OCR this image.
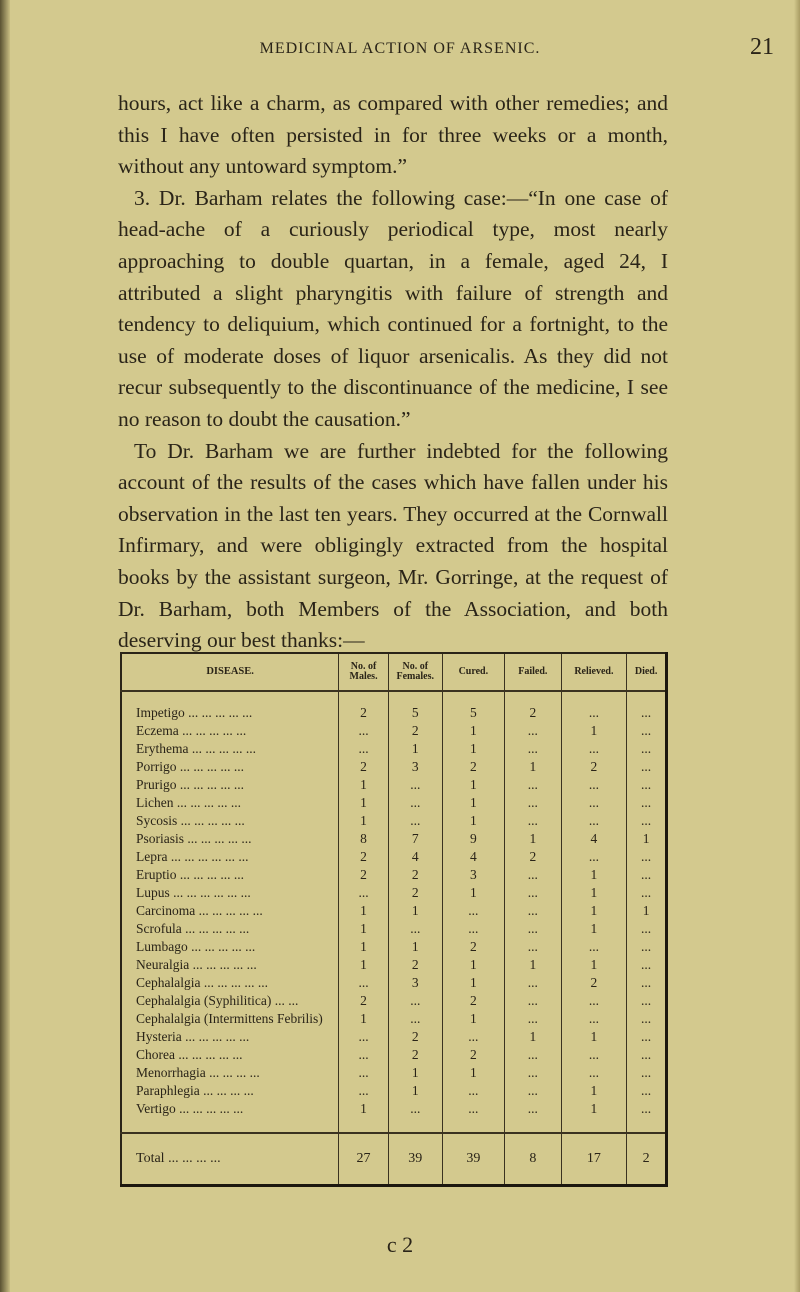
MEDICINAL ACTION OF ARSENIC.	21

hours, act like a charm, as compared with other remedies; and this I have often persisted in for three weeks or a month, without any untoward symptom.”

3. Dr. Barham relates the following case:—“In one case of head-ache of a curiously periodical type, most nearly approaching to double quartan, in a female, aged 24, I attributed a slight pharyngitis with failure of strength and tendency to deliquium, which continued for a fortnight, to the use of moderate doses of liquor arsenicalis. As they did not recur subsequently to the discontinuance of the medicine, I see no reason to doubt the causation.”

To Dr. Barham we are further indebted for the following account of the results of the cases which have fallen under his observation in the last ten years. They occurred at the Cornwall Infirmary, and were obligingly extracted from the hospital books by the assistant surgeon, Mr. Gorringe, at the request of Dr. Barham, both Members of the Association, and both deserving our best thanks:—

DISEASE.	No. of Males.	No. of Females.	Cured.	Failed.	Relieved.	Died.

Impetigo ... ... ... ... ...	2	5	5	2	...	...
Eczema ... ... ... ... ...	...	2	1	...	1	...
Erythema ... ... ... ... ...	...	1	1	...	...	...
Porrigo ... ... ... ... ...	2	3	2	1	2	...
Prurigo ... ... ... ... ...	1	...	1	...	...	...
Lichen ... ... ... ... ...	1	...	1	...	...	...
Sycosis ... ... ... ... ...	1	...	1	...	...	...
Psoriasis ... ... ... ... ...	8	7	9	1	4	1
Lepra ... ... ... ... ... ...	2	4	4	2	...	...
Eruptio ... ... ... ... ...	2	2	3	...	1	...
Lupus ... ... ... ... ... ...	...	2	1	...	1	...
Carcinoma ... ... ... ... ...	1	1	...	...	1	1
Scrofula ... ... ... ... ...	1	...	...	...	1	...
Lumbago ... ... ... ... ...	1	1	2	...	...	...
Neuralgia ... ... ... ... ...	1	2	1	1	1	...
Cephalalgia ... ... ... ... ...	...	3	1	...	2	...
Cephalalgia (Syphilitica) ... ...	2	...	2	...	...	...
Cephalalgia (Intermittens Febrilis)	1	...	1	...	...	...
Hysteria ... ... ... ... ...	...	2	...	1	1	...
Chorea ... ... ... ... ...	...	2	2	...	...	...
Menorrhagia ... ... ... ...	...	1	1	...	...	...
Paraphlegia ... ... ... ...	...	1	...	...	1	...
Vertigo ... ... ... ... ...	1	...	...	...	1	...

Total ... ... ... ...	27	39	39	8	17	2
c 2
